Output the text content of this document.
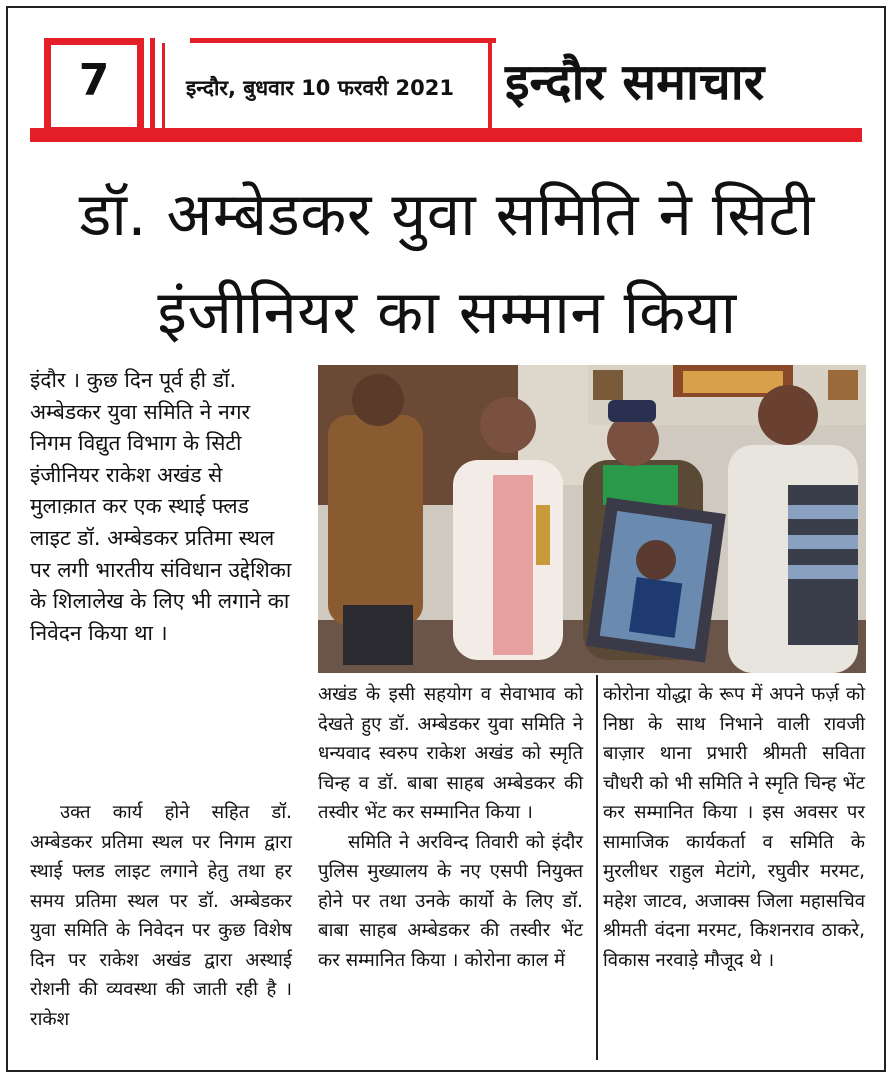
7	इन्दौर, बुधवार 10 फरवरी 2021 इन्दौर समाचार
डॉ. अम्बेडकर युवा समिति ने सिटी
इंजीनियर का सम्मान किया

इंदौर । कुछ दिन पूर्व ही डॉ. अम्बेडकर युवा समिति ने नगर निगम विद्युत विभाग के सिटी इंजीनियर राकेश अखंड से मुलाक़ात कर एक स्थाई फ्लड लाइट डॉ. अम्बेडकर प्रतिमा स्थल पर लगी भारतीय संविधान उद्देशिका के शिलालेख के लिए भी लगाने का निवेदन किया था ।

उक्त कार्य होने सहित डॉ. अम्बेडकर प्रतिमा स्थल पर निगम द्वारा स्थाई फ्लड लाइट लगाने हेतु तथा हर समय प्रतिमा स्थल पर डॉ. अम्बेडकर युवा समिति के निवेदन पर कुछ विशेष दिन पर राकेश अखंड द्वारा अस्थाई रोशनी की व्यवस्था की जाती रही है । राकेश

अखंड के इसी सहयोग व सेवाभाव को देखते हुए डॉ. अम्बेडकर युवा समिति ने धन्यवाद स्वरुप राकेश अखंड को स्मृति चिन्ह व डॉ. बाबा साहब अम्बेडकर की तस्वीर भेंट कर सम्मानित किया ।

समिति ने अरविन्द तिवारी को इंदौर पुलिस मुख्यालय के नए एसपी नियुक्त होने पर तथा उनके कार्यो के लिए डॉ. बाबा साहब अम्बेडकर की तस्वीर भेंट कर सम्मानित किया । कोरोना काल में

कोरोना योद्धा के रूप में अपने फर्ज़ को निष्ठा के साथ निभाने वाली रावजी बाज़ार थाना प्रभारी श्रीमती सविता चौधरी को भी समिति ने स्मृति चिन्ह भेंट कर सम्मानित किया । इस अवसर पर सामाजिक कार्यकर्ता व समिति के मुरलीधर राहुल मेटांगे, रघुवीर मरमट, महेश जाटव, अजाक्स जिला महासचिव श्रीमती वंदना मरमट, किशनराव ठाकरे, विकास नरवाड़े मौजूद थे ।
